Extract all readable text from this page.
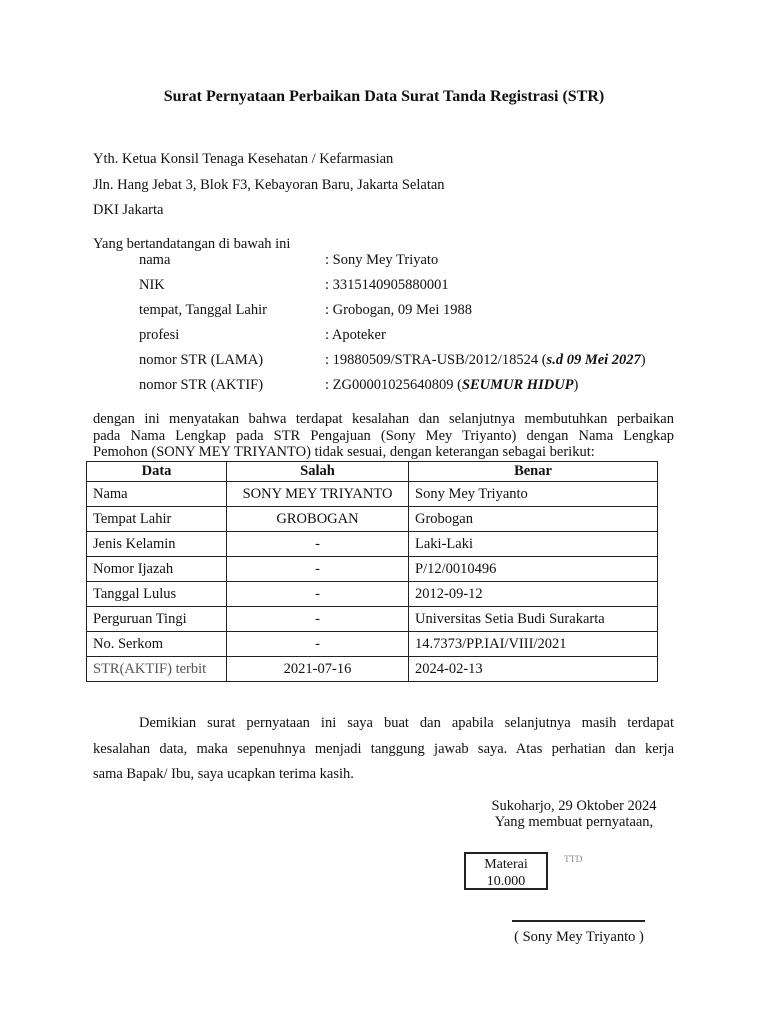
Surat Pernyataan Perbaikan Data Surat Tanda Registrasi (STR)
Yth. Ketua Konsil Tenaga Kesehatan / Kefarmasian
Jln. Hang Jebat 3, Blok F3, Kebayoran Baru, Jakarta Selatan
DKI Jakarta
Yang bertandatangan di bawah ini
nama	: Sony Mey Triyato
NIK	: 3315140905880001
tempat, Tanggal Lahir	: Grobogan, 09 Mei 1988
profesi	: Apoteker
nomor STR (LAMA)	: 19880509/STRA-USB/2012/18524 (s.d 09 Mei 2027)
nomor STR (AKTIF)	: ZG00001025640809 (SEUMUR HIDUP)
dengan ini menyatakan bahwa terdapat kesalahan dan selanjutnya membutuhkan perbaikan
pada Nama Lengkap pada STR Pengajuan (Sony Mey Triyanto) dengan Nama Lengkap
Pemohon (SONY MEY TRIYANTO) tidak sesuai, dengan keterangan sebagai berikut:
Data	Salah	Benar
Nama	SONY MEY TRIYANTO	Sony Mey Triyanto
Tempat Lahir	GROBOGAN	Grobogan
Jenis Kelamin	-	Laki-Laki
Nomor Ijazah	-	P/12/0010496
Tanggal Lulus	-	2012-09-12
Perguruan Tingi	-	Universitas Setia Budi Surakarta
No. Serkom	-	14.7373/PP.IAI/VIII/2021
STR(AKTIF) terbit	2021-07-16	2024-02-13
Demikian surat pernyataan ini saya buat dan apabila selanjutnya masih terdapat
kesalahan data, maka sepenuhnya menjadi tanggung jawab saya. Atas perhatian dan kerja
sama Bapak/ Ibu, saya ucapkan terima kasih.
Sukoharjo, 29 Oktober 2024
Yang membuat pernyataan,
Materai
10.000
TTD
( Sony Mey Triyanto )
